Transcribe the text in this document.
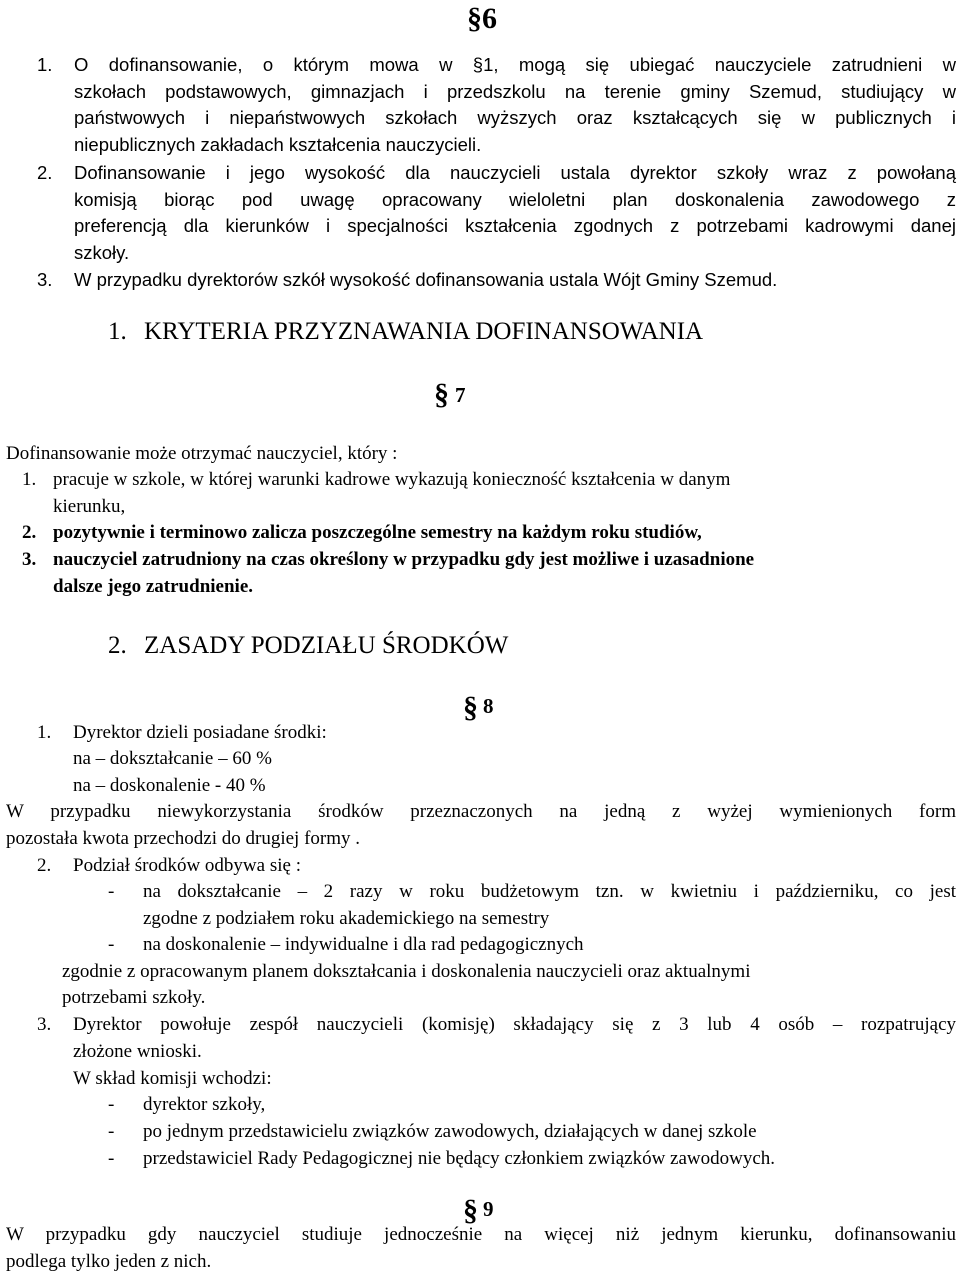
§6
1. O dofinansowanie, o którym mowa w §1, mogą się ubiegać nauczyciele zatrudnieni w
szkołach podstawowych, gimnazjach i przedszkolu na terenie gminy Szemud, studiujący w
państwowych i niepaństwowych szkołach wyższych oraz kształcących się w publicznych i
niepublicznych zakładach kształcenia nauczycieli.
2. Dofinansowanie i jego wysokość dla nauczycieli ustala dyrektor szkoły wraz z powołaną
komisją biorąc pod uwagę opracowany wieloletni plan doskonalenia zawodowego z
preferencją dla kierunków i specjalności kształcenia zgodnych z potrzebami kadrowymi danej
szkoły.
3. W przypadku dyrektorów szkół wysokość dofinansowania ustala Wójt Gminy Szemud.
1. KRYTERIA PRZYZNAWANIA DOFINANSOWANIA
§ 7
Dofinansowanie może otrzymać nauczyciel, który :
1. pracuje w szkole, w której warunki kadrowe wykazują konieczność kształcenia w danym
kierunku,
2. pozytywnie i terminowo zalicza poszczególne semestry na każdym roku studiów,
3. nauczyciel zatrudniony na czas określony w przypadku gdy jest możliwe i uzasadnione
dalsze jego zatrudnienie.
2. ZASADY PODZIAŁU ŚRODKÓW
§ 8
1. Dyrektor dzieli posiadane środki:
na – dokształcanie – 60 %
na – doskonalenie - 40 %
W przypadku niewykorzystania środków przeznaczonych na jedną z wyżej wymienionych form
pozostała kwota przechodzi do drugiej formy .
2. Podział środków odbywa się :
- na dokształcanie – 2 razy w roku budżetowym tzn. w kwietniu i październiku, co jest
zgodne z podziałem roku akademickiego na semestry
- na doskonalenie – indywidualne i dla rad pedagogicznych
zgodnie z opracowanym planem dokształcania i doskonalenia nauczycieli oraz aktualnymi
potrzebami szkoły.
3. Dyrektor powołuje zespół nauczycieli (komisję) składający się z 3 lub 4 osób – rozpatrujący
złożone wnioski.
W skład komisji wchodzi:
- dyrektor szkoły,
- po jednym przedstawicielu związków zawodowych, działających w danej szkole
- przedstawiciel Rady Pedagogicznej nie będący członkiem związków zawodowych.
§ 9
W przypadku gdy nauczyciel studiuje jednocześnie na więcej niż jednym kierunku, dofinansowaniu
podlega tylko jeden z nich.
